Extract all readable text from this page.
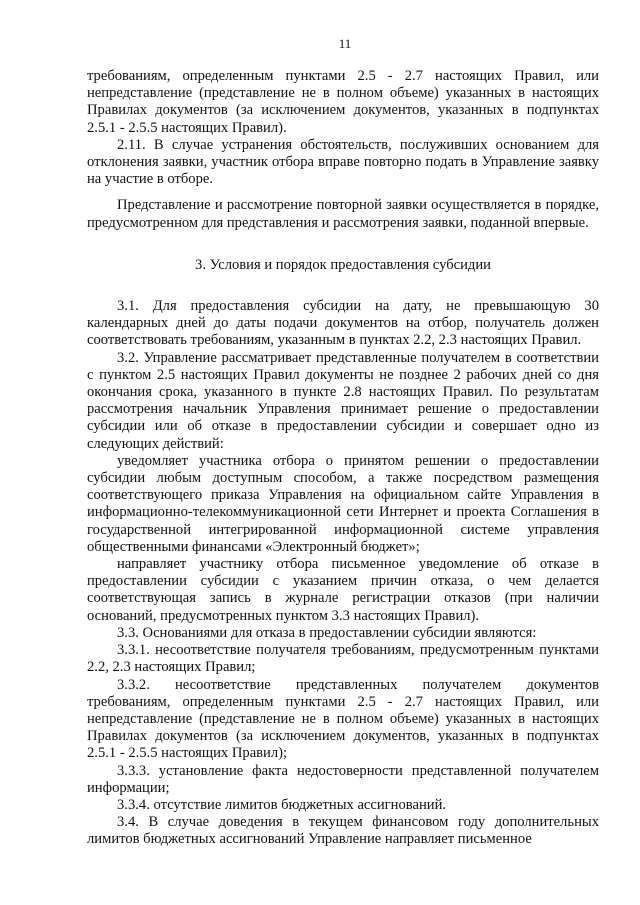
11

требованиям, определенным пунктами 2.5 - 2.7 настоящих Правил, или непредставление (представление не в полном объеме) указанных в настоящих Правилах документов (за исключением документов, указанных в подпунктах 2.5.1 - 2.5.5 настоящих Правил).

2.11. В случае устранения обстоятельств, послуживших основанием для отклонения заявки, участник отбора вправе повторно подать в Управление заявку на участие в отборе.

Представление и рассмотрение повторной заявки осуществляется в порядке, предусмотренном для представления и рассмотрения заявки, поданной впервые.

3. Условия и порядок предоставления субсидии

3.1. Для предоставления субсидии на дату, не превышающую 30 календарных дней до даты подачи документов на отбор, получатель должен соответствовать требованиям, указанным в пунктах 2.2, 2.3 настоящих Правил.

3.2. Управление рассматривает представленные получателем в соответствии с пунктом 2.5 настоящих Правил документы не позднее 2 рабочих дней со дня окончания срока, указанного в пункте 2.8 настоящих Правил. По результатам рассмотрения начальник Управления принимает решение о предоставлении субсидии или об отказе в предоставлении субсидии и совершает одно из следующих действий:

уведомляет участника отбора о принятом решении о предоставлении субсидии любым доступным способом, а также посредством размещения соответствующего приказа Управления на официальном сайте Управления в информационно-телекоммуникационной сети Интернет и проекта Соглашения в государственной интегрированной информационной системе управления общественными финансами «Электронный бюджет»;

направляет участнику отбора письменное уведомление об отказе в предоставлении субсидии с указанием причин отказа, о чем делается соответствующая запись в журнале регистрации отказов (при наличии оснований, предусмотренных пунктом 3.3 настоящих Правил).

3.3. Основаниями для отказа в предоставлении субсидии являются:

3.3.1. несоответствие получателя требованиям, предусмотренным пунктами 2.2, 2.3 настоящих Правил;

3.3.2. несоответствие представленных получателем документов требованиям, определенным пунктами 2.5 - 2.7 настоящих Правил, или непредставление (представление не в полном объеме) указанных в настоящих Правилах документов (за исключением документов, указанных в подпунктах 2.5.1 - 2.5.5 настоящих Правил);

3.3.3. установление факта недостоверности представленной получателем информации;

3.3.4. отсутствие лимитов бюджетных ассигнований.

3.4. В случае доведения в текущем финансовом году дополнительных лимитов бюджетных ассигнований Управление направляет письменное
